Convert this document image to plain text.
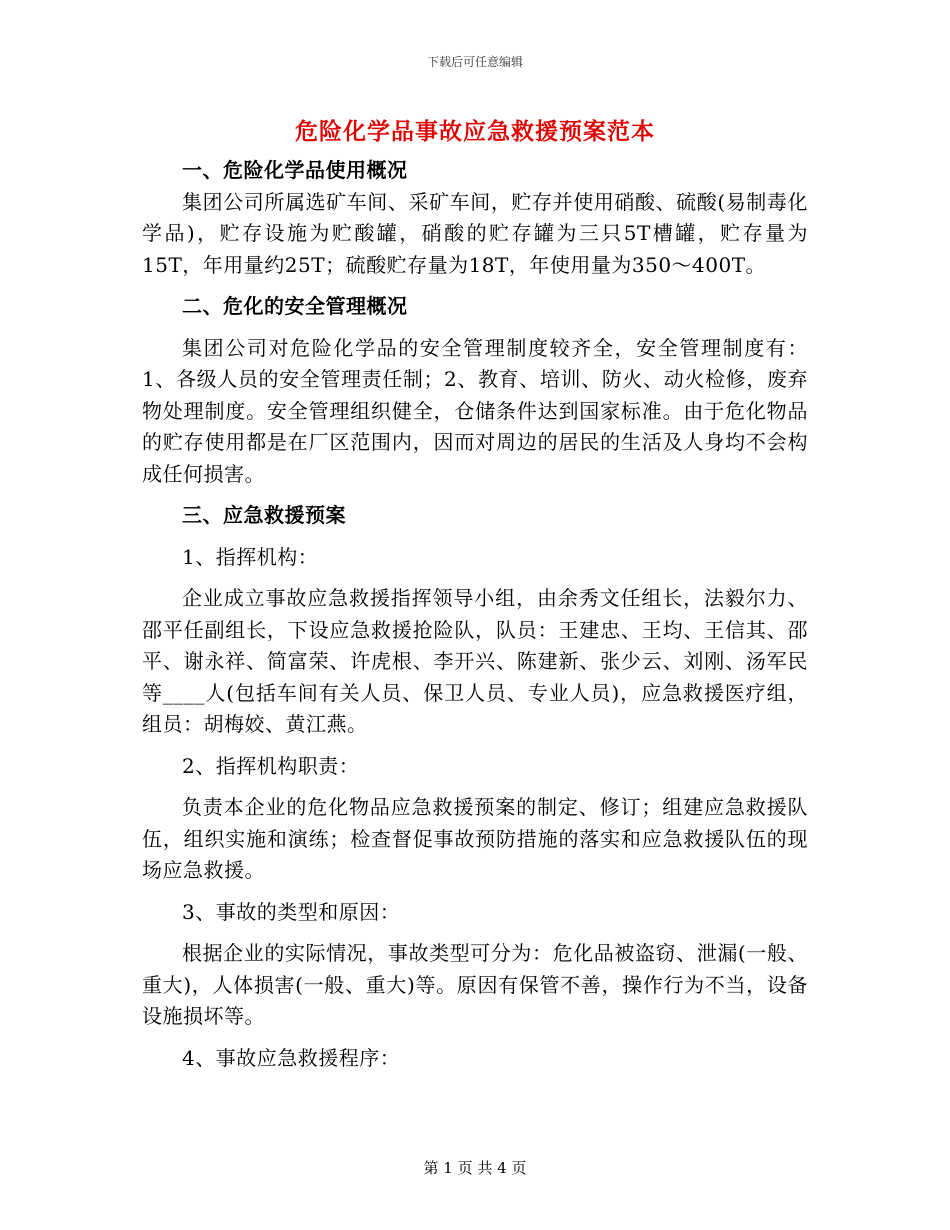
下载后可任意编辑
危险化学品事故应急救援预案范本

一、危险化学品使用概况

集团公司所属选矿车间、采矿车间，贮存并使用硝酸、硫酸(易制毒化学品)，贮存设施为贮酸罐，硝酸的贮存罐为三只5T槽罐，贮存量为15T，年用量约25T；硫酸贮存量为18T，年使用量为350～400T。

二、危化的安全管理概况

集团公司对危险化学品的安全管理制度较齐全，安全管理制度有：1、各级人员的安全管理责任制；2、教育、培训、防火、动火检修，废弃物处理制度。安全管理组织健全，仓储条件达到国家标准。由于危化物品的贮存使用都是在厂区范围内，因而对周边的居民的生活及人身均不会构成任何损害。

三、应急救援预案

1、指挥机构：

企业成立事故应急救援指挥领导小组，由余秀文任组长，法毅尔力、邵平任副组长，下设应急救援抢险队，队员：王建忠、王均、王信其、邵平、谢永祥、简富荣、许虎根、李开兴、陈建新、张少云、刘刚、汤军民等____人(包括车间有关人员、保卫人员、专业人员)，应急救援医疗组，组员：胡梅姣、黄江燕。

2、指挥机构职责：

负责本企业的危化物品应急救援预案的制定、修订；组建应急救援队伍，组织实施和演练；检查督促事故预防措施的落实和应急救援队伍的现场应急救援。

3、事故的类型和原因：

根据企业的实际情况，事故类型可分为：危化品被盗窃、泄漏(一般、重大)，人体损害(一般、重大)等。原因有保管不善，操作行为不当，设备设施损坏等。

4、事故应急救援程序：

第 1 页 共 4 页
